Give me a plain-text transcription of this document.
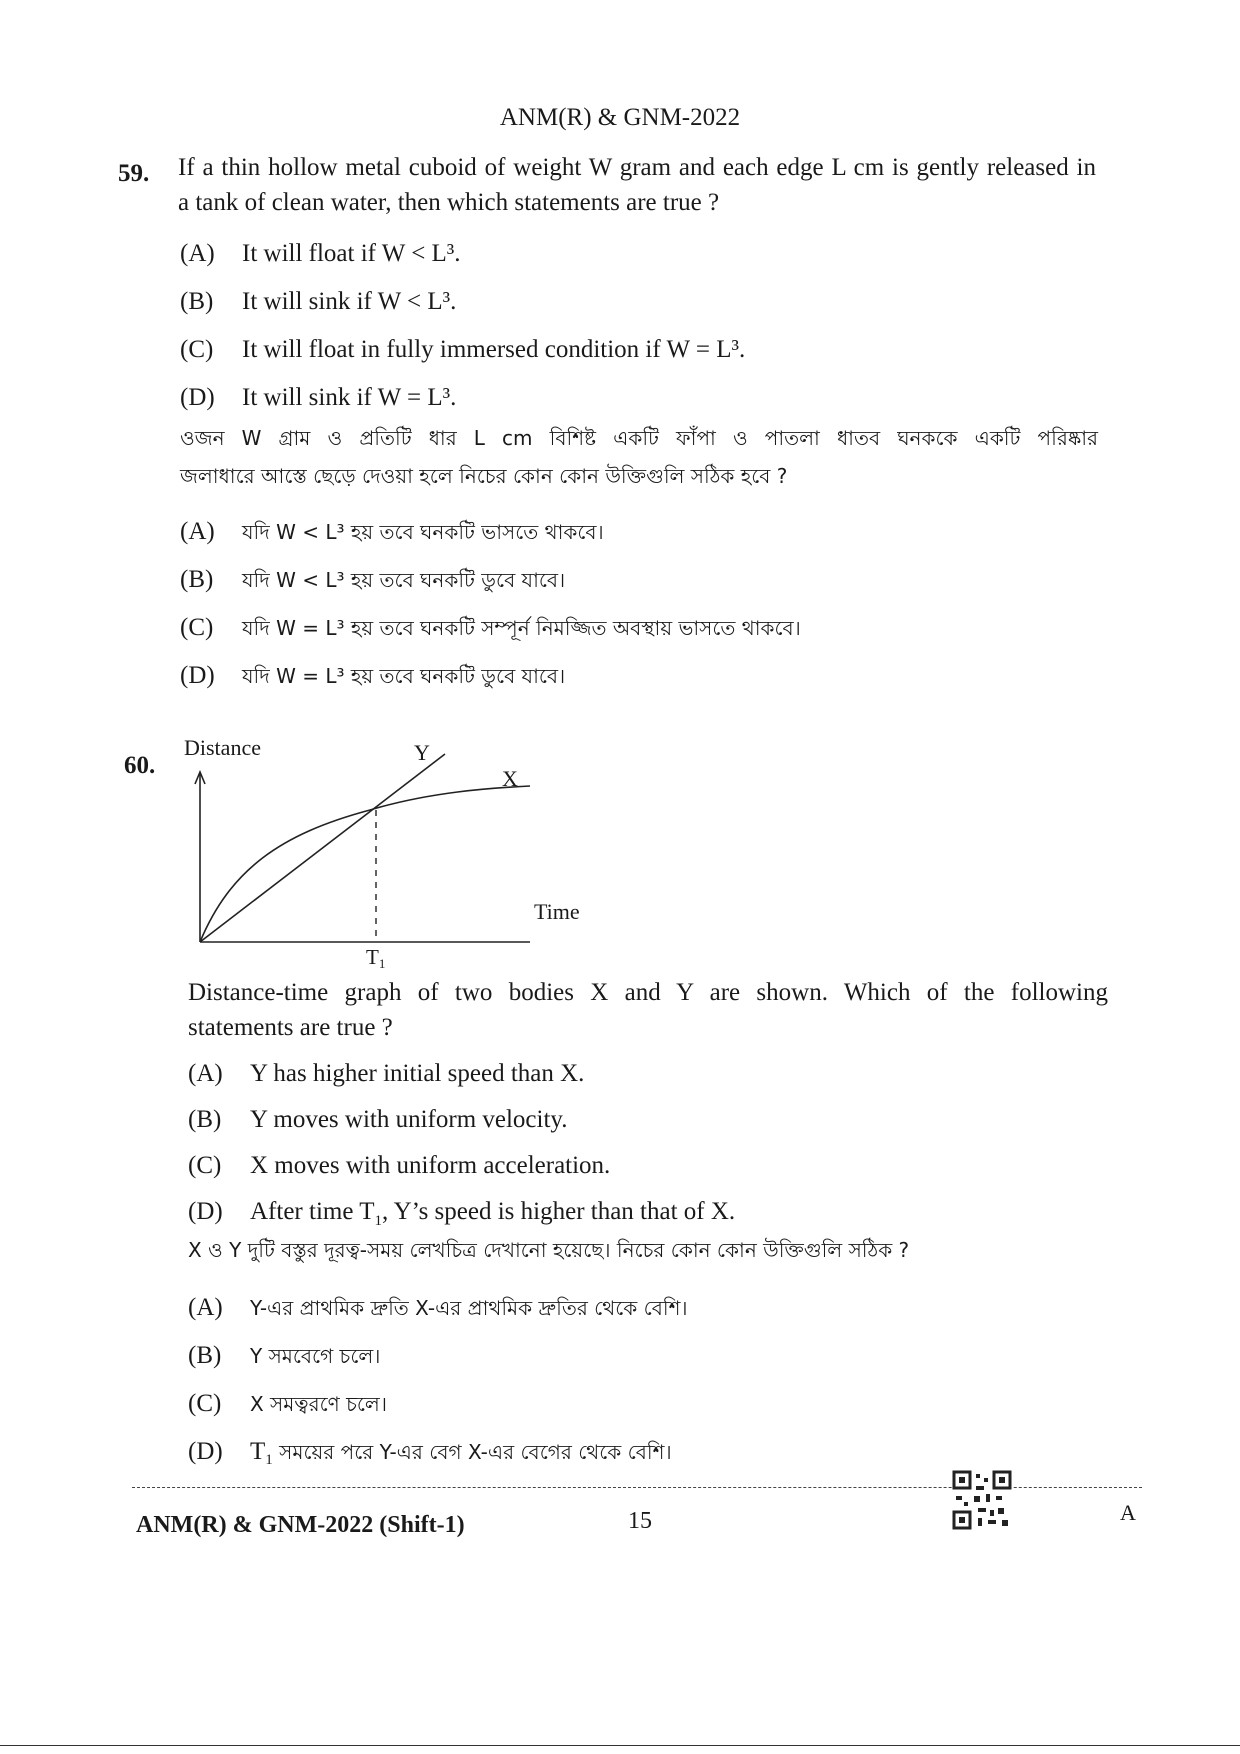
ANM(R) & GNM-2022
59. If a thin hollow metal cuboid of weight W gram and each edge L cm is gently released in
a tank of clean water, then which statements are true ?
(A) It will float if W < L³.
(B) It will sink if W < L³.
(C) It will float in fully immersed condition if W = L³.
(D) It will sink if W = L³.
ওজন W গ্রাম ও প্রতিটি ধার L cm বিশিষ্ট একটি ফাঁপা ও পাতলা ধাতব ঘনককে একটি পরিষ্কার
জলাধারে আস্তে ছেড়ে দেওয়া হলে নিচের কোন কোন উক্তিগুলি সঠিক হবে ?
(A) যদি W < L³ হয় তবে ঘনকটি ভাসতে থাকবে।
(B) যদি W < L³ হয় তবে ঘনকটি ডুবে যাবে।
(C) যদি W = L³ হয় তবে ঘনকটি সম্পূর্ন নিমজ্জিত অবস্থায় ভাসতে থাকবে।
(D) যদি W = L³ হয় তবে ঘনকটি ডুবে যাবে।
60.
Distance
Time
Y
X
T1
Distance-time graph of two bodies X and Y are shown. Which of the following
statements are true ?
(A) Y has higher initial speed than X.
(B) Y moves with uniform velocity.
(C) X moves with uniform acceleration.
(D) After time $T_1$, Y’s speed is higher than that of X.
X ও Y দুটি বস্তুর দূরত্ব-সময় লেখচিত্র দেখানো হয়েছে। নিচের কোন কোন উক্তিগুলি সঠিক ?
(A) Y-এর প্রাথমিক দ্রুতি X-এর প্রাথমিক দ্রুতির থেকে বেশি।
(B) Y সমবেগে চলে।
(C) X সমত্বরণে চলে।
(D) $T_1$ সময়ের পরে Y-এর বেগ X-এর বেগের থেকে বেশি।
ANM(R) & GNM-2022 (Shift-1)	15	A
